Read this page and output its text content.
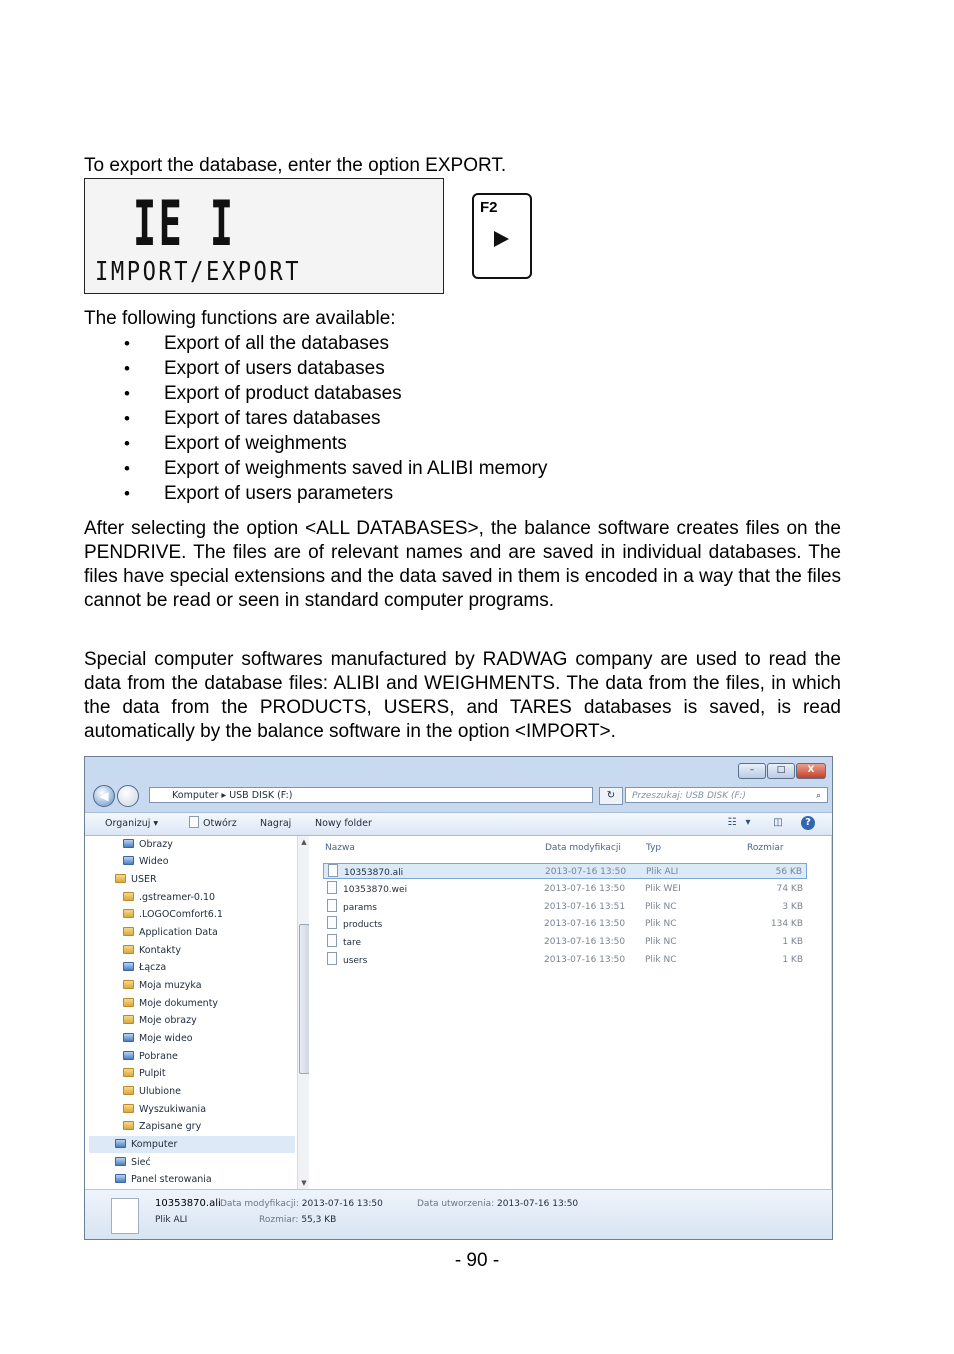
To export the database, enter the option EXPORT.

IE I
IMPORT/EXPORT
F2

The following functions are available:

• Export of all the databases
• Export of users databases
• Export of product databases
• Export of tares databases
• Export of weighments
• Export of weighments saved in ALIBI memory
• Export of users parameters

After selecting the option <ALL DATABASES>, the balance software creates files on the PENDRIVE. The files are of relevant names and are saved in individual databases. The files have special extensions and the data saved in them is encoded in a way that the files cannot be read or seen in standard computer programs.

Special computer softwares manufactured by RADWAG company are used to read the data from the database files: ALIBI and WEIGHMENTS. The data from the files, in which the data from the PRODUCTS, USERS, and TARES databases is saved, is read automatically by the balance software in the option <IMPORT>.

–	□	X
◀	Komputer ▸ USB DISK (F:)	↻	Przeszukaj: USB DISK (F:)	⌕
Organizuj ▾	Otwórz Nagraj Nowy folder	☷ ▾	◫	?
Obrazy
Wideo
USER
.gstreamer-0.10
.LOGOComfort6.1
Application Data
Kontakty
Łącza
Moja muzyka
Moje dokumenty
Moje obrazy
Moje wideo
Pobrane
Pulpit
Ulubione
Wyszukiwania
Zapisane gry
Komputer
Sieć
Panel sterowania
▲
▼
Nazwa	Data modyfikacji	Typ	Rozmiar
10353870.ali	2013-07-16 13:50 Plik ALI	56 KB
10353870.wei	2013-07-16 13:50 Plik WEI	74 KB
params	2013-07-16 13:51 Plik NC	3 KB
products	2013-07-16 13:50 Plik NC	134 KB
tare	2013-07-16 13:50 Plik NC	1 KB
users	2013-07-16 13:50 Plik NC	1 KB
10353870.ali
Plik ALI
Data modyfikacji: 2013-07-16 13:50
Rozmiar: 55,3 KB
Data utworzenia: 2013-07-16 13:50
- 90 -
